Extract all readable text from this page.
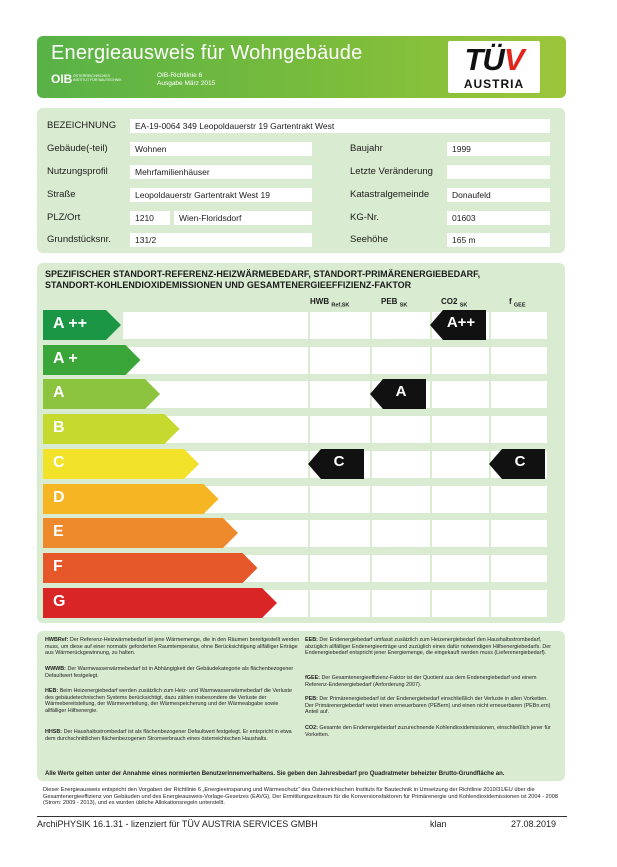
Energieausweis für Wohngebäude
OIB ÖSTERREICHISCHES INSTITUT FÜR BAUTECHNIK
OIB-Richtlinie 6
Ausgabe März 2015
TÜV
AUSTRIA
BEZEICHNUNG	EA-19-0064 349 Leopoldauerstr 19 Gartentrakt West
Gebäude(-teil)	Wohnen	Baujahr	1999
Nutzungsprofil	Mehrfamilienhäuser	Letzte Veränderung
Straße	Leopoldauerstr Gartentrakt West 19	Katastralgemeinde	Donaufeld
PLZ/Ort	1210	Wien-Floridsdorf	KG-Nr.	01603
Grundstücksnr.	131/2	Seehöhe	165 m
SPEZIFISCHER STANDORT-REFERENZ-HEIZWÄRMEBEDARF, STANDORT-PRIMÄRENERGIEBEDARF,
STANDORT-KOHLENDIOXIDEMISSIONEN UND GESAMTENERGIEEFFIZIENZ-FAKTOR
HWB $_{Ref,SK}$	PEB $_{SK}$	CO2 $_{SK}$	f $_{GEE}$
A ++
A +
A
B
C
D
E
F
G
C
A
A++
C
HWBRef: Der Referenz-Heizwärmebedarf ist jene Wärmemenge, die in den Räumen bereitgestellt werden muss, um diese auf einer normativ geforderten Raumtemperatur, ohne Berücksichtigung allfälliger Erträge aus Wärmerückgewinnung, zu halten.
WWWB: Der Warmwasserwärmebedarf ist in Abhängigkeit der Gebäudekategorie als flächenbezogener Defaultwert festgelegt.
HEB: Beim Heizenergiebedarf werden zusätzlich zum Heiz- und Warmwasserwärmebedarf die Verluste des gebäudetechnischen Systems berücksichtigt, dazu zählen insbesondere die Verluste der Wärmebereitstellung, der Wärmeverteilung, der Wärmespeicherung und der Wärmeabgabe sowie allfälliger Hilfsenergie.
HHSB: Der Haushaltsstrombedarf ist als flächenbezogener Defaultwert festgelegt. Er entspricht in etwa dem durchschnittlichen flächenbezogenen Stromverbrauch eines österreichischen Haushalts.
EEB: Der Endenergiebedarf umfasst zusätzlich zum Heizenergiebedarf den Haushaltsstrombedarf, abzüglich allfälliger Endenergieerträge und zuzüglich eines dafür notwendigen Hilfsenergiebedarfs. Der Endenergiebedarf entspricht jener Energiemenge, die eingekauft werden muss (Lieferenergiebedarf).
fGEE: Der Gesamtenergieeffizienz-Faktor ist der Quotient aus dem Endenergiebedarf und einem Referenz-Endenergiebedarf (Anforderung 2007).
PEB: Der Primärenergiebedarf ist der Endenergiebedarf einschließlich der Verluste in allen Vorketten. Der Primärenergiebedarf weist einen erneuerbaren (PEBern) und einen nicht erneuerbaren (PEBn.ern) Anteil auf.
CO2: Gesamte den Endenergiebedarf zuzurechnende Kohlendioxidemissionen, einschließlich jener für Vorketten.
Alle Werte gelten unter der Annahme eines normierten Benutzerinnenverhaltens. Sie geben den Jahresbedarf pro Quadratmeter beheizter Brutto-Grundfläche an.
Dieser Energieausweis entspricht den Vorgaben der Richtlinie 6 „Energieeinsparung und Wärmeschutz“ des Österreichischen Instituts für Bautechnik in Umsetzung der Richtlinie 2010/31/EU über die Gesamtenergieeffizienz von Gebäuden und des Energieausweis-Vorlage-Gesetzes (EAVG). Der Ermittlungszeitraum für die Konversionsfaktoren für Primärenergie und Kohlendioxidemissionen ist 2004 - 2008 (Strom: 2009 - 2013), und es wurden übliche Allokationsregeln unterstellt.
ArchiPHYSIK 16.1.31 - lizenziert für TÜV AUSTRIA SERVICES GMBH	klan	27.08.2019
